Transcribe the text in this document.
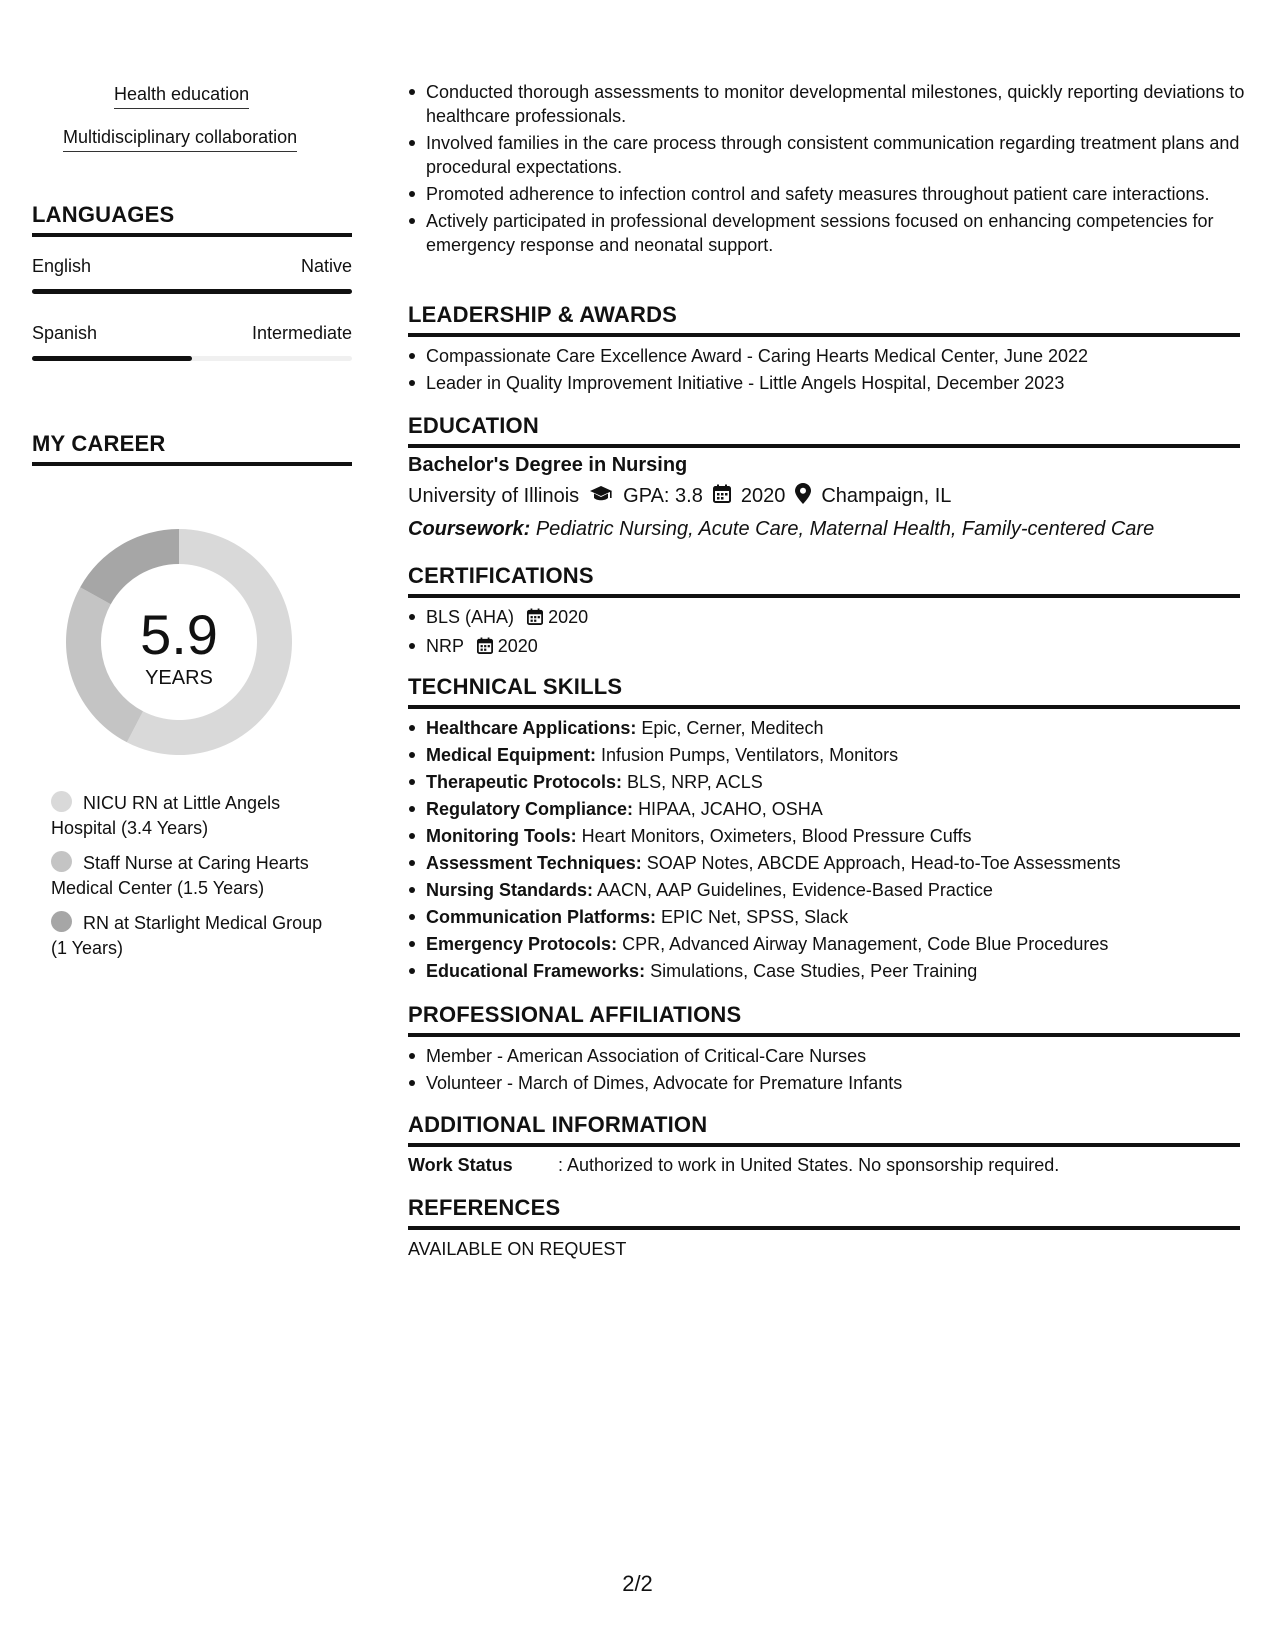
Health education
Multidisciplinary collaboration
LANGUAGES
English	Native
Spanish	Intermediate
MY CAREER
5.9
YEARS
NICU RN at Little Angels Hospital (3.4 Years)
Staff Nurse at Caring Hearts Medical Center (1.5 Years)
RN at Starlight Medical Group (1 Years)
Conducted thorough assessments to monitor developmental milestones, quickly reporting deviations to healthcare professionals.
Involved families in the care process through consistent communication regarding treatment plans and procedural expectations.
Promoted adherence to infection control and safety measures throughout patient care interactions.
Actively participated in professional development sessions focused on enhancing competencies for emergency response and neonatal support.
LEADERSHIP & AWARDS
Compassionate Care Excellence Award - Caring Hearts Medical Center, June 2022
Leader in Quality Improvement Initiative - Little Angels Hospital, December 2023
EDUCATION
Bachelor's Degree in Nursing
University of Illinois GPA: 3.8 2020 Champaign, IL
Coursework: Pediatric Nursing, Acute Care, Maternal Health, Family-centered Care
CERTIFICATIONS
BLS (AHA) 2020
NRP 2020
TECHNICAL SKILLS
Healthcare Applications: Epic, Cerner, Meditech
Medical Equipment: Infusion Pumps, Ventilators, Monitors
Therapeutic Protocols: BLS, NRP, ACLS
Regulatory Compliance: HIPAA, JCAHO, OSHA
Monitoring Tools: Heart Monitors, Oximeters, Blood Pressure Cuffs
Assessment Techniques: SOAP Notes, ABCDE Approach, Head-to-Toe Assessments
Nursing Standards: AACN, AAP Guidelines, Evidence-Based Practice
Communication Platforms: EPIC Net, SPSS, Slack
Emergency Protocols: CPR, Advanced Airway Management, Code Blue Procedures
Educational Frameworks: Simulations, Case Studies, Peer Training
PROFESSIONAL AFFILIATIONS
Member - American Association of Critical-Care Nurses
Volunteer - March of Dimes, Advocate for Premature Infants
ADDITIONAL INFORMATION
Work Status	: Authorized to work in United States. No sponsorship required.
REFERENCES
AVAILABLE ON REQUEST
2/2
